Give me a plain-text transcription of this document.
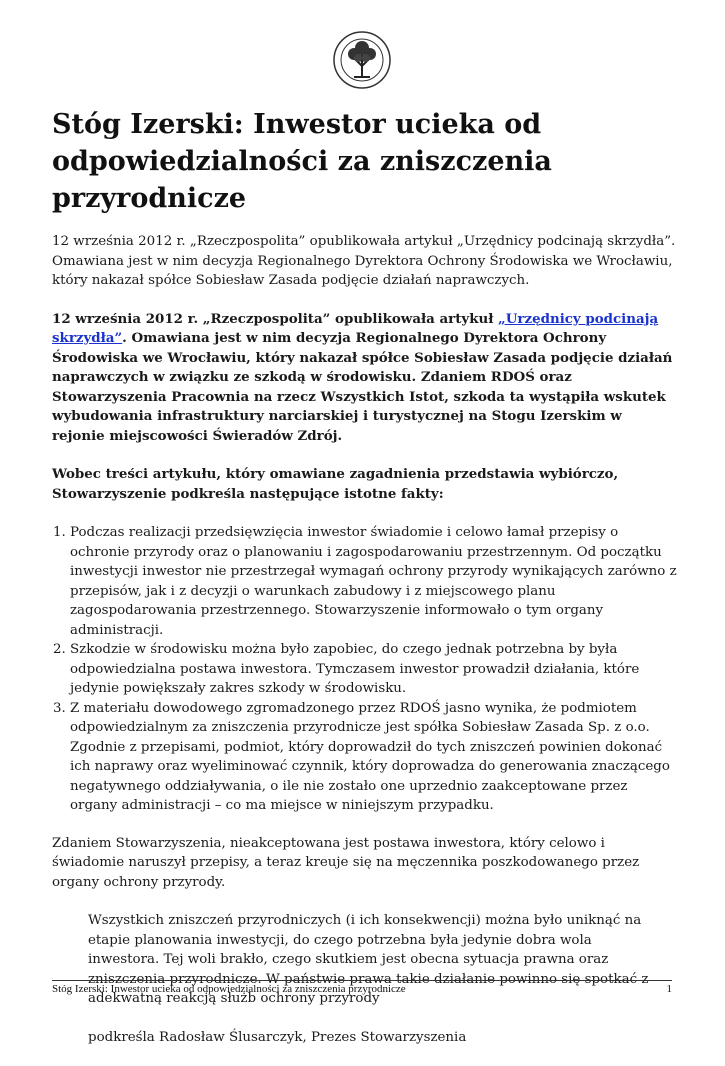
Stóg Izerski: Inwestor ucieka od odpowiedzialności za zniszczenia przyrodnicze

12 września 2012 r. „Rzeczpospolita” opublikowała artykuł „Urzędnicy podcinają skrzydła”. Omawiana jest w nim decyzja Regionalnego Dyrektora Ochrony Środowiska we Wrocławiu, który nakazał spółce Sobiesław Zasada podjęcie działań naprawczych.

12 września 2012 r. „Rzeczpospolita” opublikowała artykuł „Urzędnicy podcinają skrzydła”. Omawiana jest w nim decyzja Regionalnego Dyrektora Ochrony Środowiska we Wrocławiu, który nakazał spółce Sobiesław Zasada podjęcie działań naprawczych w związku ze szkodą w środowisku. Zdaniem RDOŚ oraz Stowarzyszenia Pracownia na rzecz Wszystkich Istot, szkoda ta wystąpiła wskutek wybudowania infrastruktury narciarskiej i turystycznej na Stogu Izerskim w rejonie miejscowości Świeradów Zdrój.

Wobec treści artykułu, który omawiane zagadnienia przedstawia wybiórczo, Stowarzyszenie podkreśla następujące istotne fakty:

1. Podczas realizacji przedsięwzięcia inwestor świadomie i celowo łamał przepisy o ochronie przyrody oraz o planowaniu i zagospodarowaniu przestrzennym. Od początku inwestycji inwestor nie przestrzegał wymagań ochrony przyrody wynikających zarówno z przepisów, jak i z decyzji o warunkach zabudowy i z miejscowego planu zagospodarowania przestrzennego. Stowarzyszenie informowało o tym organy administracji.
2. Szkodzie w środowisku można było zapobiec, do czego jednak potrzebna by była odpowiedzialna postawa inwestora. Tymczasem inwestor prowadził działania, które jedynie powiększały zakres szkody w środowisku.
3. Z materiału dowodowego zgromadzonego przez RDOŚ jasno wynika, że podmiotem odpowiedzialnym za zniszczenia przyrodnicze jest spółka Sobiesław Zasada Sp. z o.o. Zgodnie z przepisami, podmiot, który doprowadził do tych zniszczeń powinien dokonać ich naprawy oraz wyeliminować czynnik, który doprowadza do generowania znaczącego negatywnego oddziaływania, o ile nie zostało one uprzednio zaakceptowane przez organy administracji – co ma miejsce w niniejszym przypadku.

Zdaniem Stowarzyszenia, nieakceptowana jest postawa inwestora, który celowo i świadomie naruszył przepisy, a teraz kreuje się na męczennika poszkodowanego przez organy ochrony przyrody.

Wszystkich zniszczeń przyrodniczych (i ich konsekwencji) można było uniknąć na etapie planowania inwestycji, do czego potrzebna była jedynie dobra wola inwestora. Tej woli brakło, czego skutkiem jest obecna sytuacja prawna oraz zniszczenia przyrodnicze. W państwie prawa takie działanie powinno się spotkać z adekwatną reakcją służb ochrony przyrody

podkreśla Radosław Ślusarczyk, Prezes Stowarzyszenia

Stóg Izerski: Inwestor ucieka od odpowiedzialności za zniszczenia przyrodnicze	1
